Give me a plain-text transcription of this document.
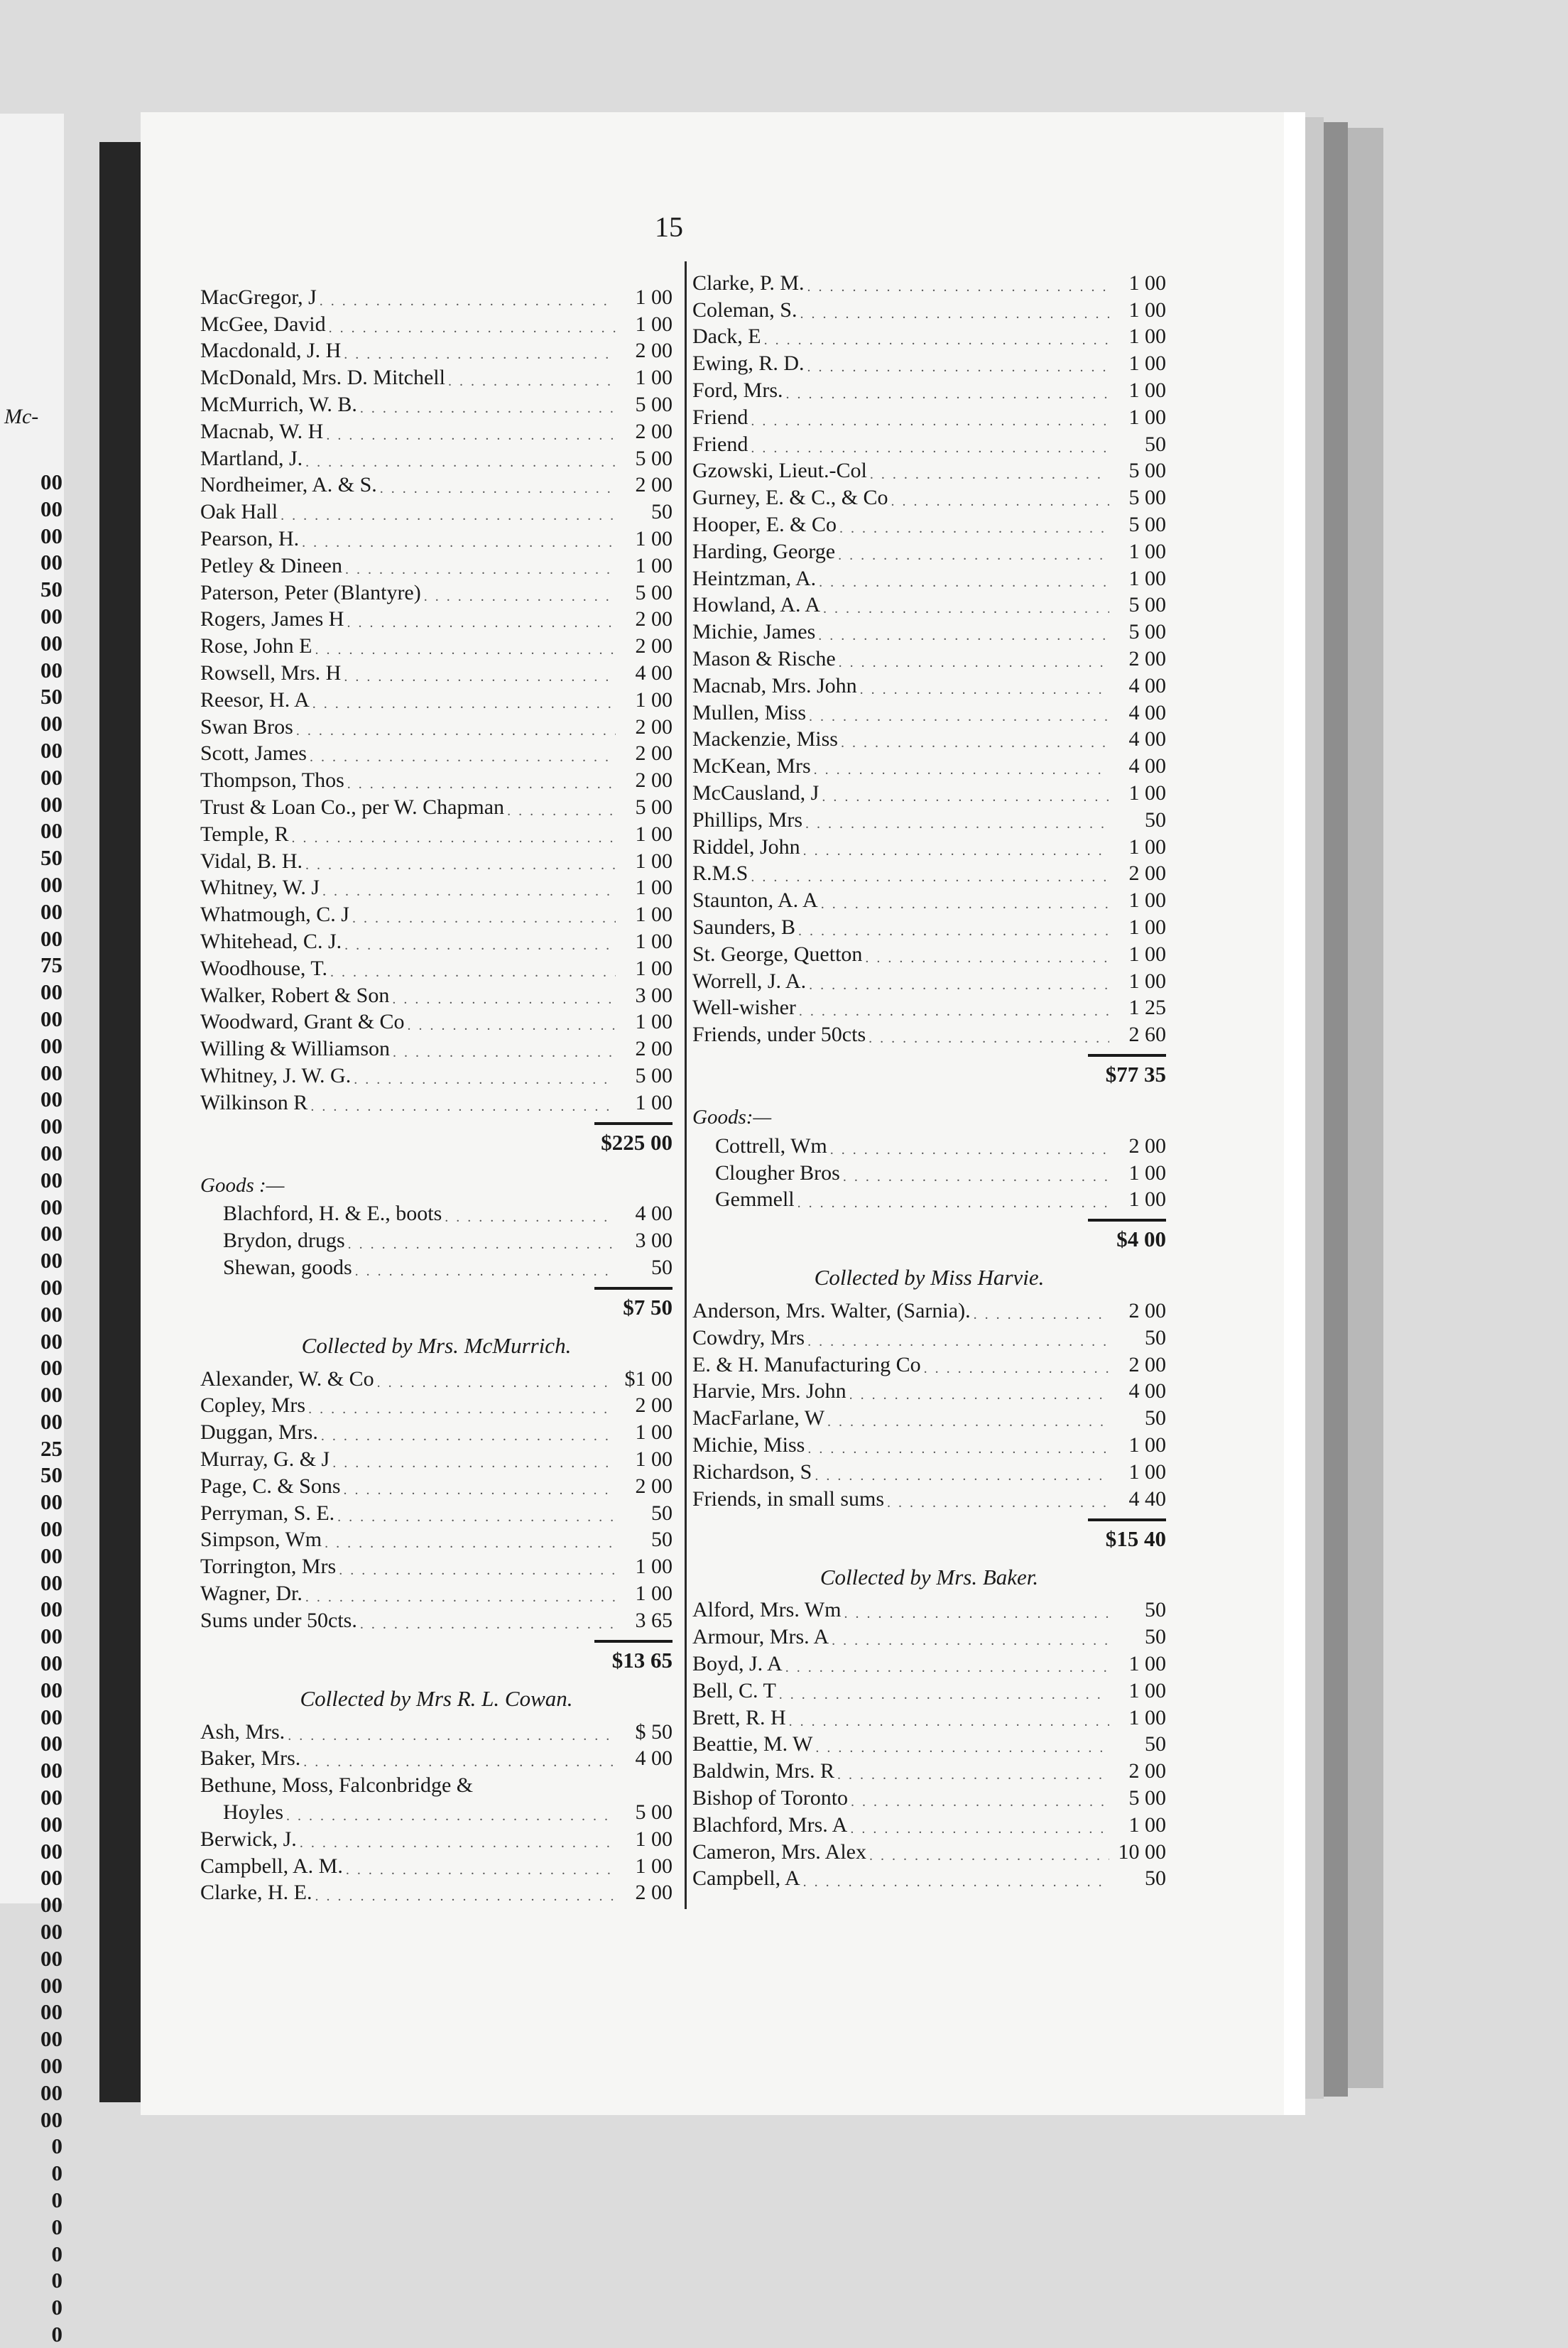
Mc-
00
00
00
00
50
00
00
00
50
00
00
00
00
00
50
00
00
00
75
00
00
00
00
00
00
00
00
00
00
00
00
00
00
00
00
00
25
50
00
00
00
00
00
00
00
00
00
00
00
00
00
00
00
00
00
00
00
00
00
00
00
00
0
0
0
0
0
0
0
0
15
MacGregor, J . . .	1 00
McGee, David . . .	1 00
Macdonald, J. H . . .	2 00
McDonald, Mrs. D. Mitchell . . .	1 00
McMurrich, W. B. . . .	5 00
Macnab, W. H . . .	2 00
Martland, J. . . .	5 00
Nordheimer, A. & S. . . .	2 00
Oak Hall . . .	50
Pearson, H. . . .	1 00
Petley & Dineen . . .	1 00
Paterson, Peter (Blantyre) . . .	5 00
Rogers, James H . . .	2 00
Rose, John E . . .	2 00
Rowsell, Mrs. H . . .	4 00
Reesor, H. A . . .	1 00
Swan Bros . . .	2 00
Scott, James . . .	2 00
Thompson, Thos . . .	2 00
Trust & Loan Co., per W. Chapman . . .	5 00
Temple, R . . .	1 00
Vidal, B. H. . . .	1 00
Whitney, W. J . . .	1 00
Whatmough, C. J . . .	1 00
Whitehead, C. J. . . .	1 00
Woodhouse, T. . . .	1 00
Walker, Robert & Son . . .	3 00
Woodward, Grant & Co . . .	1 00
Willing & Williamson . . .	2 00
Whitney, J. W. G. . . .	5 00
Wilkinson R . . .	1 00
$225 00
Goods :—
Blachford, H. & E., boots . . .	4 00
Brydon, drugs . . .	3 00
Shewan, goods . . .	50
$7 50
Collected by Mrs. McMurrich.
Alexander, W. & Co . . .	$1 00
Copley, Mrs . . .	2 00
Duggan, Mrs. . . .	1 00
Murray, G. & J . . .	1 00
Page, C. & Sons . . .	2 00
Perryman, S. E. . . .	50
Simpson, Wm . . .	50
Torrington, Mrs . . .	1 00
Wagner, Dr. . . .	1 00
Sums under 50cts. . . .	3 65
$13 65
Collected by Mrs R. L. Cowan.
Ash, Mrs. . . .	$ 50
Baker, Mrs. . . .	4 00
Bethune, Moss, Falconbridge &
Hoyles . . .	5 00
Berwick, J. . . .	1 00
Campbell, A. M. . . .	1 00
Clarke, H. E. . . .	2 00
Clarke, P. M. . . .	1 00
Coleman, S. . . .	1 00
Dack, E . . .	1 00
Ewing, R. D. . . .	1 00
Ford, Mrs. . . .	1 00
Friend . . .	1 00
Friend . . .	50
Gzowski, Lieut.-Col . . .	5 00
Gurney, E. & C., & Co . . .	5 00
Hooper, E. & Co . . .	5 00
Harding, George . . .	1 00
Heintzman, A. . . .	1 00
Howland, A. A . . .	5 00
Michie, James . . .	5 00
Mason & Rische . . .	2 00
Macnab, Mrs. John . . .	4 00
Mullen, Miss . . .	4 00
Mackenzie, Miss . . .	4 00
McKean, Mrs . . .	4 00
McCausland, J . . .	1 00
Phillips, Mrs . . .	50
Riddel, John . . .	1 00
R.M.S . . .	2 00
Staunton, A. A . . .	1 00
Saunders, B . . .	1 00
St. George, Quetton . . .	1 00
Worrell, J. A. . . .	1 00
Well-wisher . . .	1 25
Friends, under 50cts . . .	2 60
$77 35
Goods:—
Cottrell, Wm . . .	2 00
Clougher Bros . . .	1 00
Gemmell . . .	1 00
$4 00
Collected by Miss Harvie.
Anderson, Mrs. Walter, (Sarnia). . . .	2 00
Cowdry, Mrs . . .	50
E. & H. Manufacturing Co . . .	2 00
Harvie, Mrs. John . . .	4 00
MacFarlane, W . . .	50
Michie, Miss . . .	1 00
Richardson, S . . .	1 00
Friends, in small sums . . .	4 40
$15 40
Collected by Mrs. Baker.
Alford, Mrs. Wm . . .	50
Armour, Mrs. A . . .	50
Boyd, J. A . . .	1 00
Bell, C. T . . .	1 00
Brett, R. H . . .	1 00
Beattie, M. W . . .	50
Baldwin, Mrs. R . . .	2 00
Bishop of Toronto . . .	5 00
Blachford, Mrs. A . . .	1 00
Cameron, Mrs. Alex . . .	10 00
Campbell, A . . .	50
